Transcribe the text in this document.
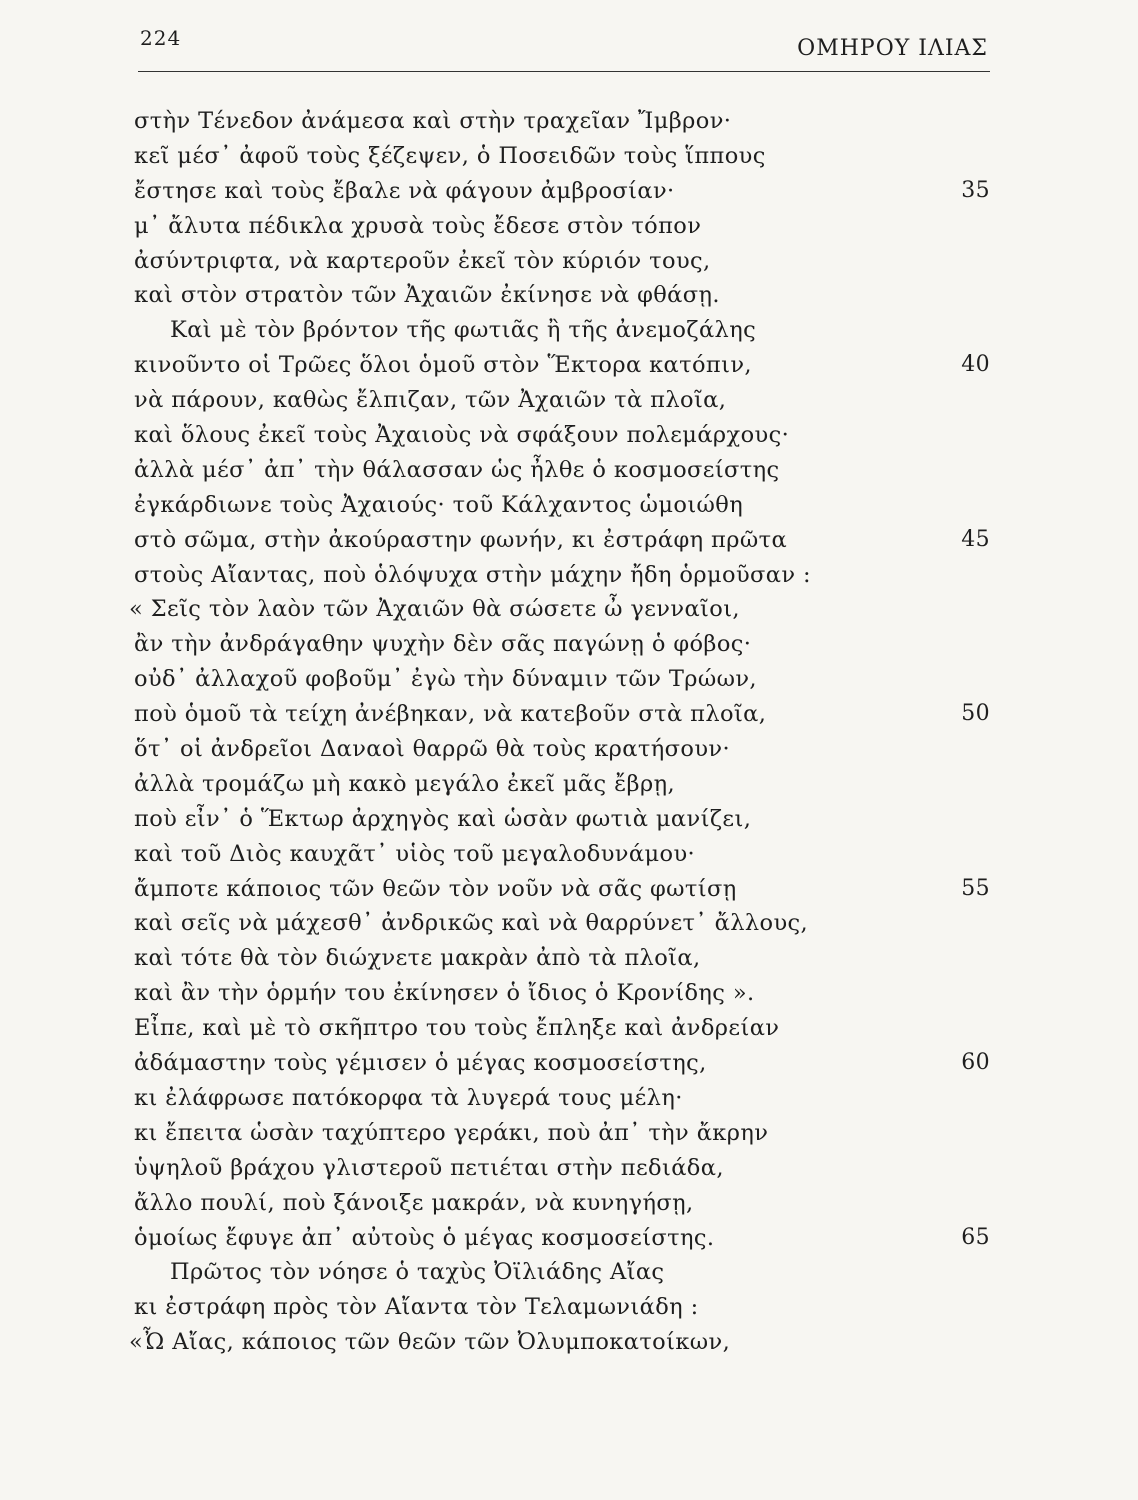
224	ΟΜΗΡΟΥ ΙΛΙΑΣ
στὴν Τένεδον ἀνάμεσα καὶ στὴν τραχεῖαν Ἴμβρον·
κεῖ μέσ᾽ ἀφοῦ τοὺς ξέζεψεν, ὁ Ποσειδῶν τοὺς ἵππους
ἔστησε καὶ τοὺς ἔβαλε νὰ φάγουν ἀμβροσίαν·	35
μ᾽ ἄλυτα πέδικλα χρυσὰ τοὺς ἔδεσε στὸν τόπον
ἀσύντριφτα, νὰ καρτεροῦν ἐκεῖ τὸν κύριόν τους,
καὶ στὸν στρατὸν τῶν Ἀχαιῶν ἐκίνησε νὰ φθάσῃ.
Καὶ μὲ τὸν βρόντον τῆς φωτιᾶς ἢ τῆς ἀνεμοζάλης
κινοῦντο οἱ Τρῶες ὅλοι ὁμοῦ στὸν Ἕκτορα κατόπιν,	40
νὰ πάρουν, καθὼς ἔλπιζαν, τῶν Ἀχαιῶν τὰ πλοῖα,
καὶ ὅλους ἐκεῖ τοὺς Ἀχαιοὺς νὰ σφάξουν πολεμάρχους·
ἀλλὰ μέσ᾽ ἀπ᾽ τὴν θάλασσαν ὡς ἦλθε ὁ κοσμοσείστης
ἐγκάρδιωνε τοὺς Ἀχαιούς· τοῦ Κάλχαντος ὡμοιώθη
στὸ σῶμα, στὴν ἀκούραστην φωνήν, κι ἐστράφη πρῶτα	45
στοὺς Αἴαντας, ποὺ ὁλόψυχα στὴν μάχην ἤδη ὁρμοῦσαν :
« Σεῖς τὸν λαὸν τῶν Ἀχαιῶν θὰ σώσετε ὦ γενναῖοι,
ἂν τὴν ἀνδράγαθην ψυχὴν δὲν σᾶς παγώνῃ ὁ φόβος·
οὐδ᾽ ἀλλαχοῦ φοβοῦμ᾽ ἐγὼ τὴν δύναμιν τῶν Τρώων,
ποὺ ὁμοῦ τὰ τείχη ἀνέβηκαν, νὰ κατεβοῦν στὰ πλοῖα,	50
ὅτ᾽ οἱ ἀνδρεῖοι Δαναοὶ θαρρῶ θὰ τοὺς κρατήσουν·
ἀλλὰ τρομάζω μὴ κακὸ μεγάλο ἐκεῖ μᾶς ἔβρῃ,
ποὺ εἶν᾽ ὁ Ἕκτωρ ἀρχηγὸς καὶ ὡσὰν φωτιὰ μανίζει,
καὶ τοῦ Διὸς καυχᾶτ᾽ υἱὸς τοῦ μεγαλοδυνάμου·
ἄμποτε κάποιος τῶν θεῶν τὸν νοῦν νὰ σᾶς φωτίσῃ	55
καὶ σεῖς νὰ μάχεσθ᾽ ἀνδρικῶς καὶ νὰ θαρρύνετ᾽ ἄλλους,
καὶ τότε θὰ τὸν διώχνετε μακρὰν ἀπὸ τὰ πλοῖα,
καὶ ἂν τὴν ὁρμήν του ἐκίνησεν ὁ ἴδιος ὁ Κρονίδης ».
Εἶπε, καὶ μὲ τὸ σκῆπτρο του τοὺς ἔπληξε καὶ ἀνδρείαν
ἀδάμαστην τοὺς γέμισεν ὁ μέγας κοσμοσείστης,	60
κι ἐλάφρωσε πατόκορφα τὰ λυγερά τους μέλη·
κι ἔπειτα ὡσὰν ταχύπτερο γεράκι, ποὺ ἀπ᾽ τὴν ἄκρην
ὑψηλοῦ βράχου γλιστεροῦ πετιέται στὴν πεδιάδα,
ἄλλο πουλί, ποὺ ξάνοιξε μακράν, νὰ κυνηγήσῃ,
ὁμοίως ἔφυγε ἀπ᾽ αὐτοὺς ὁ μέγας κοσμοσείστης.	65
Πρῶτος τὸν νόησε ὁ ταχὺς Ὀϊλιάδης Αἴας
κι ἐστράφη πρὸς τὸν Αἴαντα τὸν Τελαμωνιάδη :
«Ὦ Αἴας, κάποιος τῶν θεῶν τῶν Ὀλυμποκατοίκων,
